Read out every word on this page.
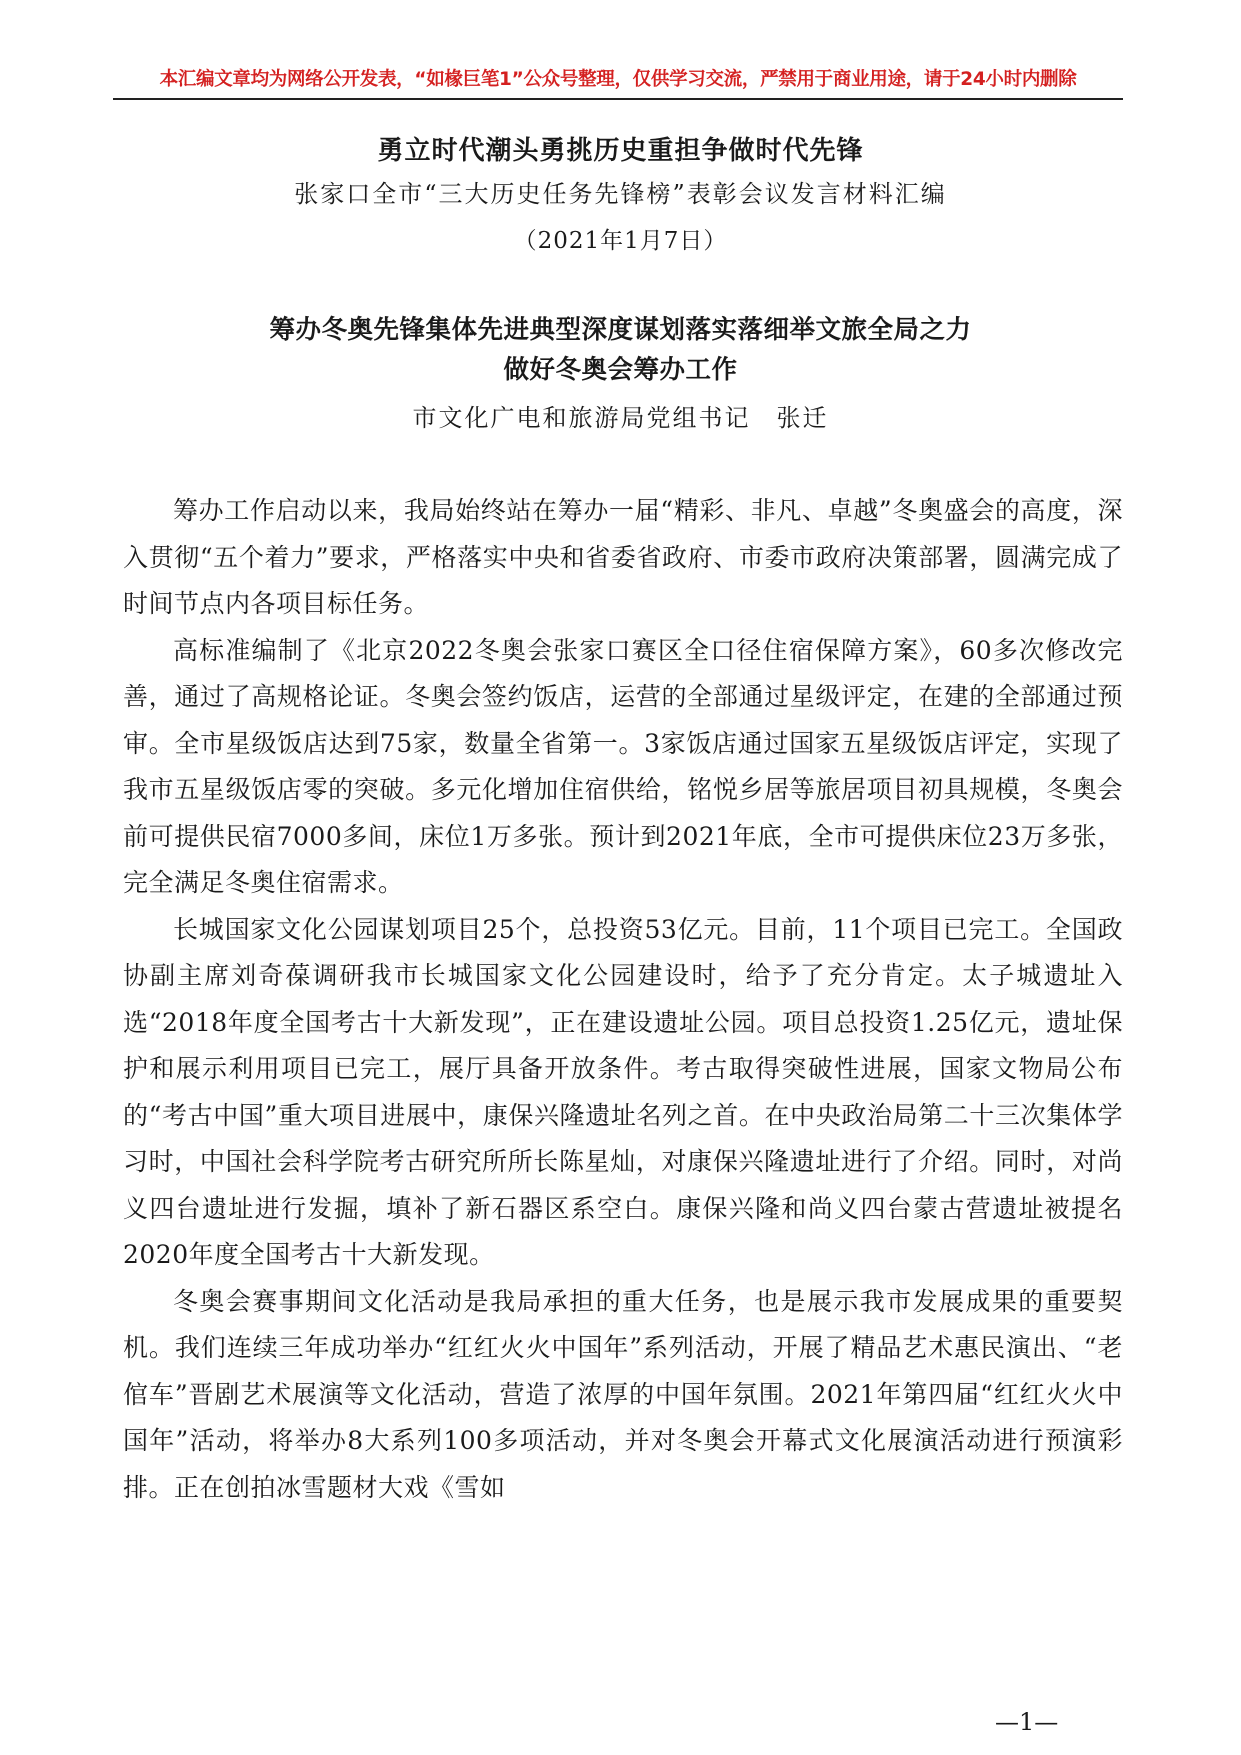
本汇编文章均为网络公开发表，“如椽巨笔1”公众号整理，仅供学习交流，严禁用于商业用途，请于24小时内删除
勇立时代潮头勇挑历史重担争做时代先锋
张家口全市“三大历史任务先锋榜”表彰会议发言材料汇编
（2021年1月7日）
筹办冬奥先锋集体先进典型深度谋划落实落细举文旅全局之力
做好冬奥会筹办工作
市文化广电和旅游局党组书记　张迁

筹办工作启动以来，我局始终站在筹办一届“精彩、非凡、卓越”冬奥盛会的高度，深入贯彻“五个着力”要求，严格落实中央和省委省政府、市委市政府决策部署，圆满完成了时间节点内各项目标任务。

高标准编制了《北京2022冬奥会张家口赛区全口径住宿保障方案》，60多次修改完善，通过了高规格论证。冬奥会签约饭店，运营的全部通过星级评定，在建的全部通过预审。全市星级饭店达到75家，数量全省第一。3家饭店通过国家五星级饭店评定，实现了我市五星级饭店零的突破。多元化增加住宿供给，铭悦乡居等旅居项目初具规模，冬奥会前可提供民宿7000多间，床位1万多张。预计到2021年底，全市可提供床位23万多张，完全满足冬奥住宿需求。

长城国家文化公园谋划项目25个，总投资53亿元。目前，11个项目已完工。全国政协副主席刘奇葆调研我市长城国家文化公园建设时，给予了充分肯定。太子城遗址入选“2018年度全国考古十大新发现”，正在建设遗址公园。项目总投资1.25亿元，遗址保护和展示利用项目已完工，展厅具备开放条件。考古取得突破性进展，国家文物局公布的“考古中国”重大项目进展中，康保兴隆遗址名列之首。在中央政治局第二十三次集体学习时，中国社会科学院考古研究所所长陈星灿，对康保兴隆遗址进行了介绍。同时，对尚义四台遗址进行发掘，填补了新石器区系空白。康保兴隆和尚义四台蒙古营遗址被提名2020年度全国考古十大新发现。

冬奥会赛事期间文化活动是我局承担的重大任务，也是展示我市发展成果的重要契机。我们连续三年成功举办“红红火火中国年”系列活动，开展了精品艺术惠民演出、“老倌车”晋剧艺术展演等文化活动，营造了浓厚的中国年氛围。2021年第四届“红红火火中国年”活动，将举办8大系列100多项活动，并对冬奥会开幕式文化展演活动进行预演彩排。正在创拍冰雪题材大戏《雪如

—1—
